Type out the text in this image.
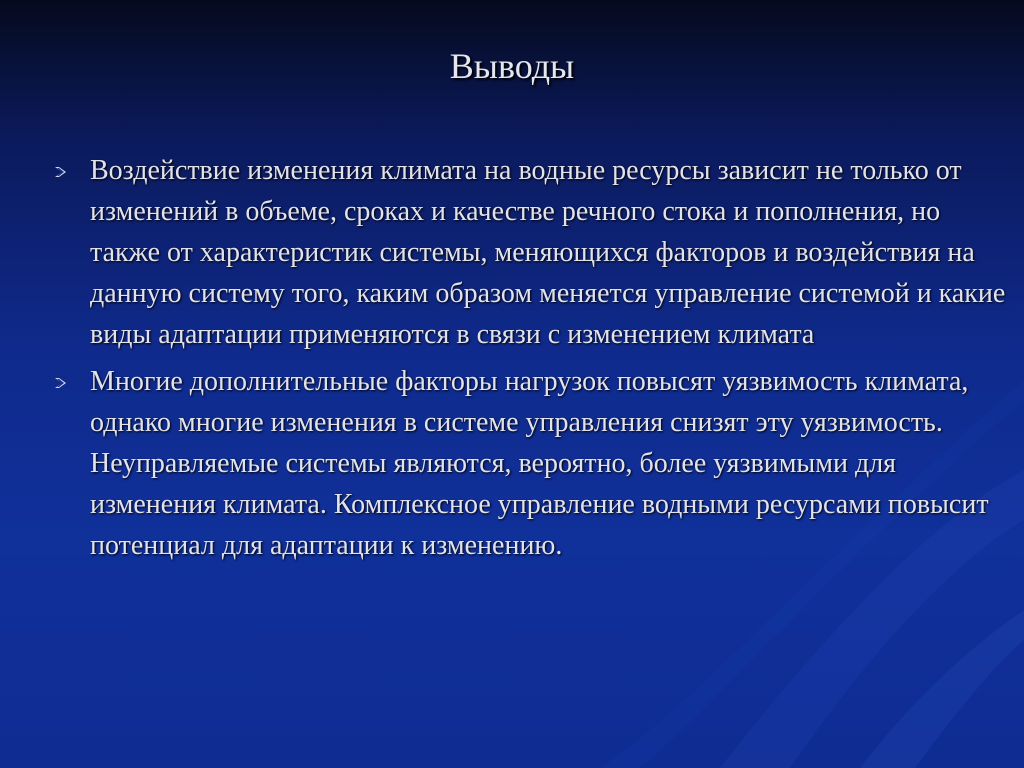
Выводы
Воздействие изменения климата на водные ресурсы зависит не только от изменений в объеме, сроках и качестве речного стока и пополнения, но также от характеристик системы, меняющихся факторов и воздействия на данную систему того, каким образом меняется управление системой и какие виды адаптации применяются в связи с изменением климата
Многие дополнительные факторы нагрузок повысят уязвимость климата, однако многие изменения в системе управления снизят эту уязвимость. Неуправляемые системы являются, вероятно, более уязвимыми для изменения климата. Комплексное управление водными ресурсами повысит потенциал для адаптации к изменению.
